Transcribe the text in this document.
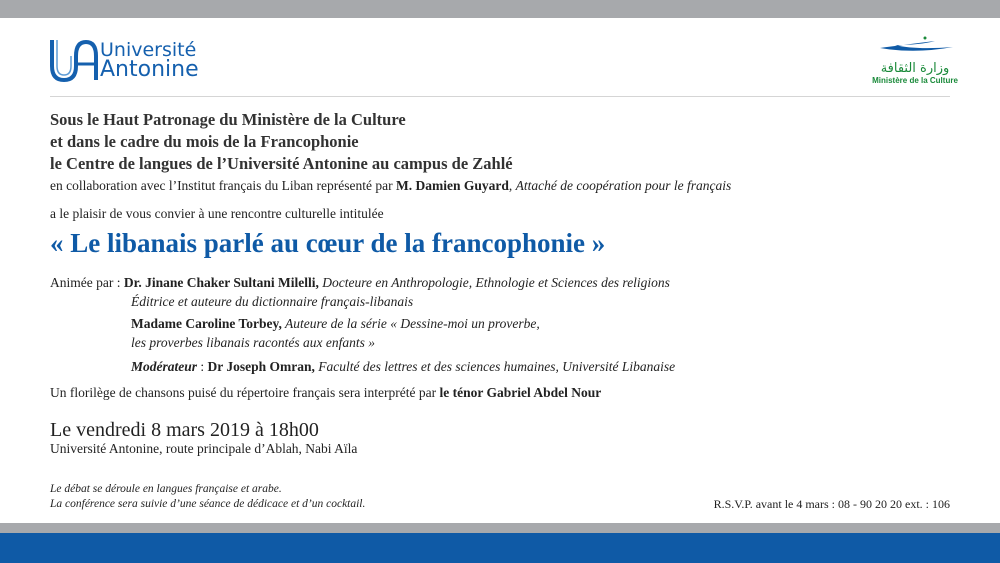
Université
Antonine	وزارة الثقافة
Ministère de la Culture
Sous le Haut Patronage du Ministère de la Culture
et dans le cadre du mois de la Francophonie
le Centre de langues de l’Université Antonine au campus de Zahlé
en collaboration avec l’Institut français du Liban représenté par M. Damien Guyard, Attaché de coopération pour le français
a le plaisir de vous convier à une rencontre culturelle intitulée
« Le libanais parlé au cœur de la francophonie »
Animée par : Dr. Jinane Chaker Sultani Milelli, Docteure en Anthropologie, Ethnologie et Sciences des religions
Éditrice et auteure du dictionnaire français-libanais
Madame Caroline Torbey, Auteure de la série « Dessine-moi un proverbe,
les proverbes libanais racontés aux enfants »
Modérateur : Dr Joseph Omran, Faculté des lettres et des sciences humaines, Université Libanaise
Un florilège de chansons puisé du répertoire français sera interprété par le ténor Gabriel Abdel Nour
Le vendredi 8 mars 2019 à 18h00
Université Antonine, route principale d’Ablah, Nabi Aïla
Le débat se déroule en langues française et arabe.
La conférence sera suivie d’une séance de dédicace et d’un cocktail.	R.S.V.P. avant le 4 mars : 08 - 90 20 20 ext. : 106
